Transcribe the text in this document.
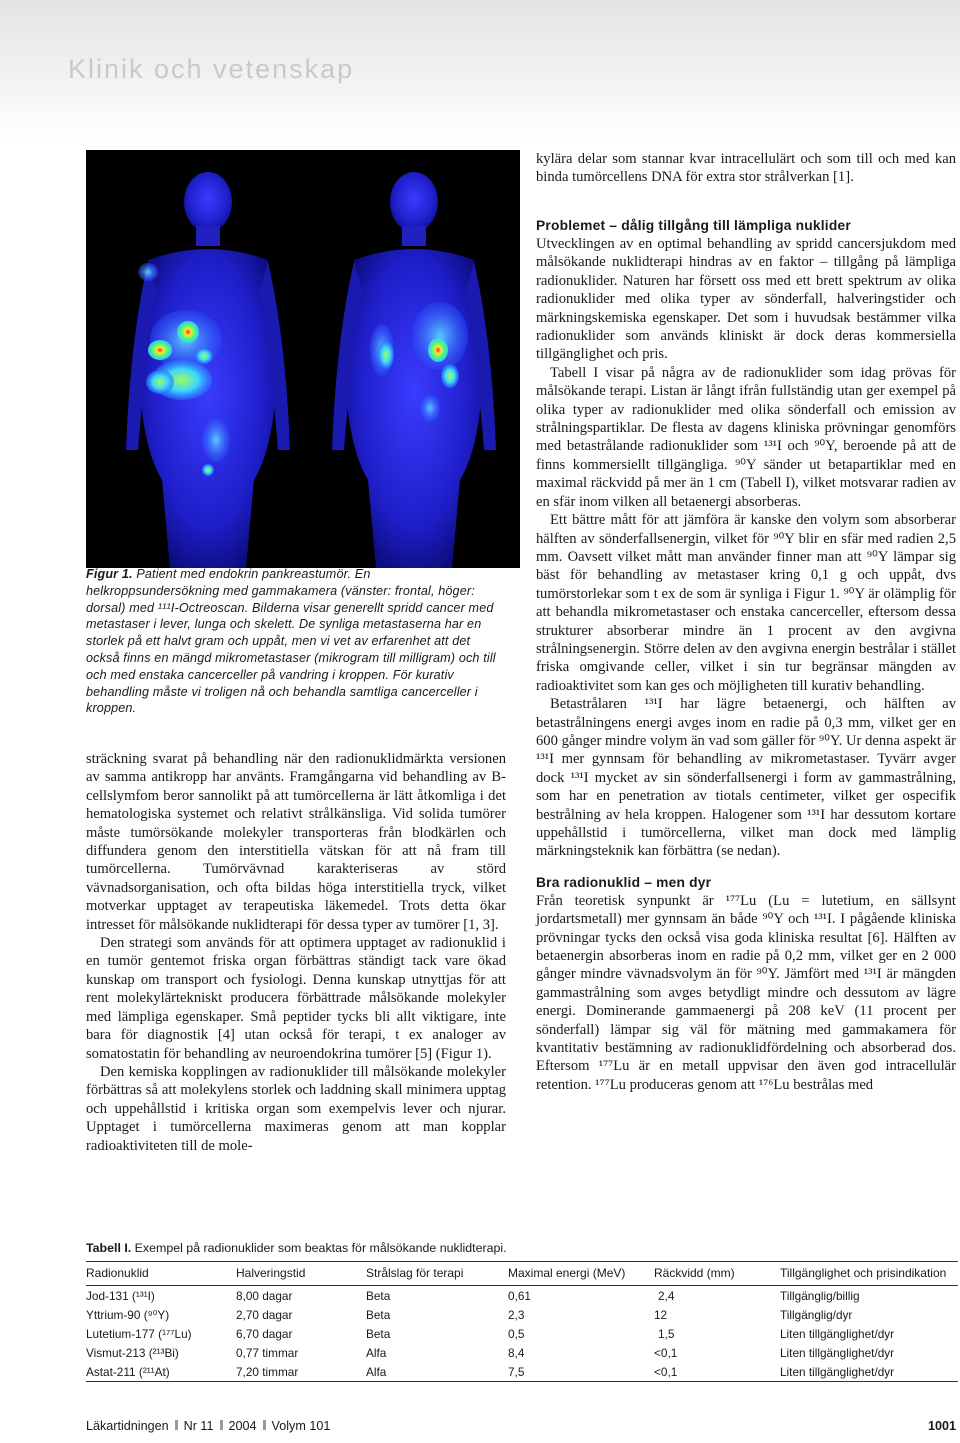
Klinik och vetenskap

Figur 1. Patient med endokrin pankreastumör. En helkroppsundersökning med gammakamera (vänster: frontal, höger: dorsal) med ¹¹¹I-Octreoscan. Bilderna visar generellt spridd cancer med metastaser i lever, lunga och skelett. De synliga metastaserna har en storlek på ett halvt gram och uppåt, men vi vet av erfarenhet att det också finns en mängd mikrometastaser (mikrogram till milligram) och till och med enstaka cancerceller på vandring i kroppen. För kurativ behandling måste vi troligen nå och behandla samtliga cancerceller i kroppen.

sträckning svarat på behandling när den radionuklidmärkta versionen av samma antikropp har använts. Framgångarna vid behandling av B-cellslymfom beror sannolikt på att tumörcellerna är lätt åtkomliga i det hematologiska systemet och relativt strålkänsliga. Vid solida tumörer måste tumörsökande molekyler transporteras från blodkärlen och diffundera genom den interstitiella vätskan för att nå fram till tumörcellerna. Tumörvävnad karakteriseras av störd vävnadsorganisation, och ofta bildas höga interstitiella tryck, vilket motverkar upptaget av terapeutiska läkemedel. Trots detta ökar intresset för målsökande nuklidterapi för dessa typer av tumörer [1, 3].

Den strategi som används för att optimera upptaget av radionuklid i en tumör gentemot friska organ förbättras ständigt tack vare ökad kunskap om transport och fysiologi. Denna kunskap utnyttjas för att rent molekylärtekniskt producera förbättrade målsökande molekyler med lämpliga egenskaper. Små peptider tycks bli allt viktigare, inte bara för diagnostik [4] utan också för terapi, t ex analoger av somatostatin för behandling av neuroendokrina tumörer [5] (Figur 1).

Den kemiska kopplingen av radionuklider till målsökande molekyler förbättras så att molekylens storlek och laddning skall minimera upptag och uppehållstid i kritiska organ som exempelvis lever och njurar. Upptaget i tumörcellerna maximeras genom att man kopplar radioaktiviteten till de mole-

kylära delar som stannar kvar intracellulärt och som till och med kan binda tumörcellens DNA för extra stor strålverkan [1].

Problemet – dålig tillgång till lämpliga nuklider

Utvecklingen av en optimal behandling av spridd cancersjukdom med målsökande nuklidterapi hindras av en faktor – tillgång på lämpliga radionuklider. Naturen har försett oss med ett brett spektrum av olika radionuklider med olika typer av sönderfall, halveringstider och märkningskemiska egenskaper. Det som i huvudsak bestämmer vilka radionuklider som används kliniskt är dock deras kommersiella tillgänglighet och pris.

Tabell I visar på några av de radionuklider som idag prövas för målsökande terapi. Listan är långt ifrån fullständig utan ger exempel på olika typer av radionuklider med olika sönderfall och emission av strålningspartiklar. De flesta av dagens kliniska prövningar genomförs med betastrålande radionuklider som ¹³¹I och ⁹⁰Y, beroende på att de finns kommersiellt tillgängliga. ⁹⁰Y sänder ut betapartiklar med en maximal räckvidd på mer än 1 cm (Tabell I), vilket motsvarar radien av en sfär inom vilken all betaenergi absorberas.

Ett bättre mått för att jämföra är kanske den volym som absorberar hälften av sönderfallsenergin, vilket för ⁹⁰Y blir en sfär med radien 2,5 mm. Oavsett vilket mått man använder finner man att ⁹⁰Y lämpar sig bäst för behandling av metastaser kring 0,1 g och uppåt, dvs tumörstorlekar som t ex de som är synliga i Figur 1. ⁹⁰Y är olämplig för att behandla mikrometastaser och enstaka cancerceller, eftersom dessa strukturer absorberar mindre än 1 procent av den avgivna strålningsenergin. Större delen av den avgivna energin bestrålar i stället friska omgivande celler, vilket i sin tur begränsar mängden av radioaktivitet som kan ges och möjligheten till kurativ behandling.

Betastrålaren ¹³¹I har lägre betaenergi, och hälften av betastrålningens energi avges inom en radie på 0,3 mm, vilket ger en 600 gånger mindre volym än vad som gäller för ⁹⁰Y. Ur denna aspekt är ¹³¹I mer gynnsam för behandling av mikrometastaser. Tyvärr avger dock ¹³¹I mycket av sin sönderfallsenergi i form av gammastrålning, som har en penetration av tiotals centimeter, vilket ger ospecifik bestrålning av hela kroppen. Halogener som ¹³¹I har dessutom kortare uppehållstid i tumörcellerna, vilket man dock med lämplig märkningsteknik kan förbättra (se nedan).

Bra radionuklid – men dyr

Från teoretisk synpunkt är ¹⁷⁷Lu (Lu = lutetium, en sällsynt jordartsmetall) mer gynnsam än både ⁹⁰Y och ¹³¹I. I pågående kliniska prövningar tycks den också visa goda kliniska resultat [6]. Hälften av betaenergin absorberas inom en radie på 0,2 mm, vilket ger en 2 000 gånger mindre vävnadsvolym än för ⁹⁰Y. Jämfört med ¹³¹I är mängden gammastrålning som avges betydligt mindre och dessutom av lägre energi. Dominerande gammaenergi på 208 keV (11 procent per sönderfall) lämpar sig väl för mätning med gammakamera för kvantitativ bestämning av radionuklidfördelning och absorberad dos. Eftersom ¹⁷⁷Lu är en metall uppvisar den även god intracellulär retention. ¹⁷⁷Lu produceras genom att ¹⁷⁶Lu bestrålas med

Tabell I. Exempel på radionuklider som beaktas för målsökande nuklidterapi.

Radionuklid	Halveringstid	Strålslag för terapi	Maximal energi (MeV)	Räckvidd (mm)	Tillgänglighet och prisindikation
Jod-131 (¹³¹I)	8,00 dagar	Beta	0,61	2,4	Tillgänglig/billig
Yttrium-90 (⁹⁰Y)	2,70 dagar	Beta	2,3	12	Tillgänglig/dyr
Lutetium-177 (¹⁷⁷Lu)	6,70 dagar	Beta	0,5	1,5	Liten tillgänglighet/dyr
Vismut-213 (²¹³Bi)	0,77 timmar	Alfa	8,4	<0,1	Liten tillgänglighet/dyr
Astat-211 (²¹¹At)	7,20 timmar	Alfa	7,5	<0,1	Liten tillgänglighet/dyr
Läkartidningen Nr 11 2004 Volym 101	1001
